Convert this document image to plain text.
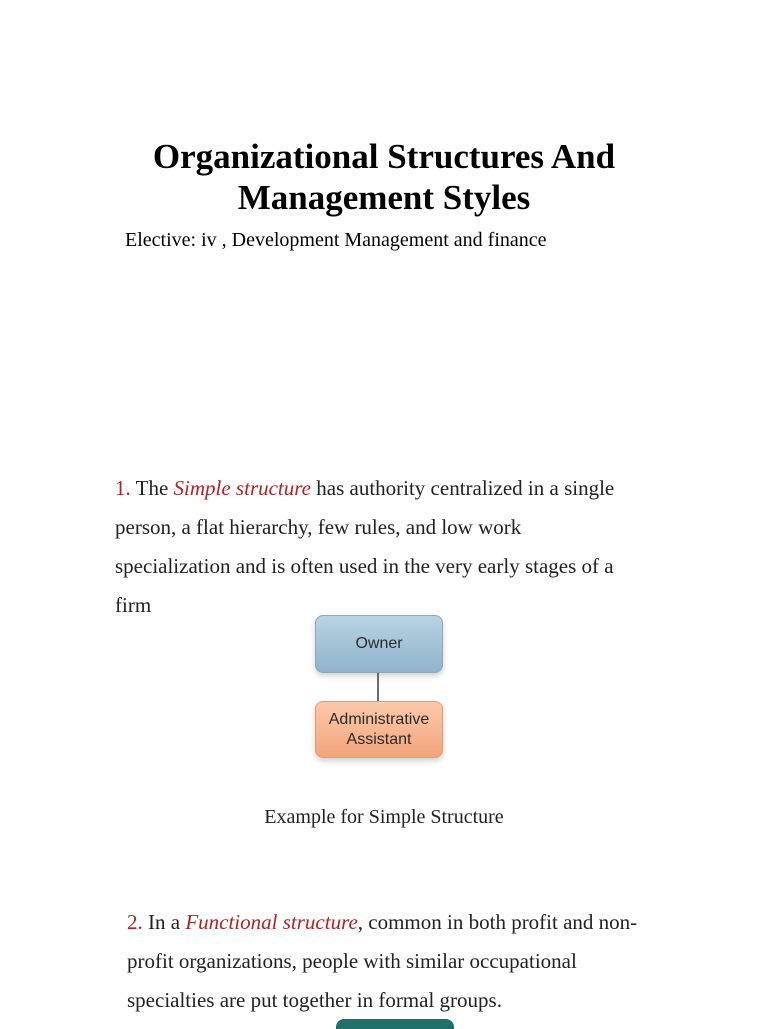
Organizational Structures And
Management Styles
Elective: iv , Development Management and finance
1. The Simple structure has authority centralized in a single
person, a flat hierarchy, few rules, and low work
specialization and is often used in the very early stages of a
firm
Owner
Administrative
Assistant
Example for Simple Structure
2. In a Functional structure, common in both profit and non-
profit organizations, people with similar occupational
specialties are put together in formal groups.
